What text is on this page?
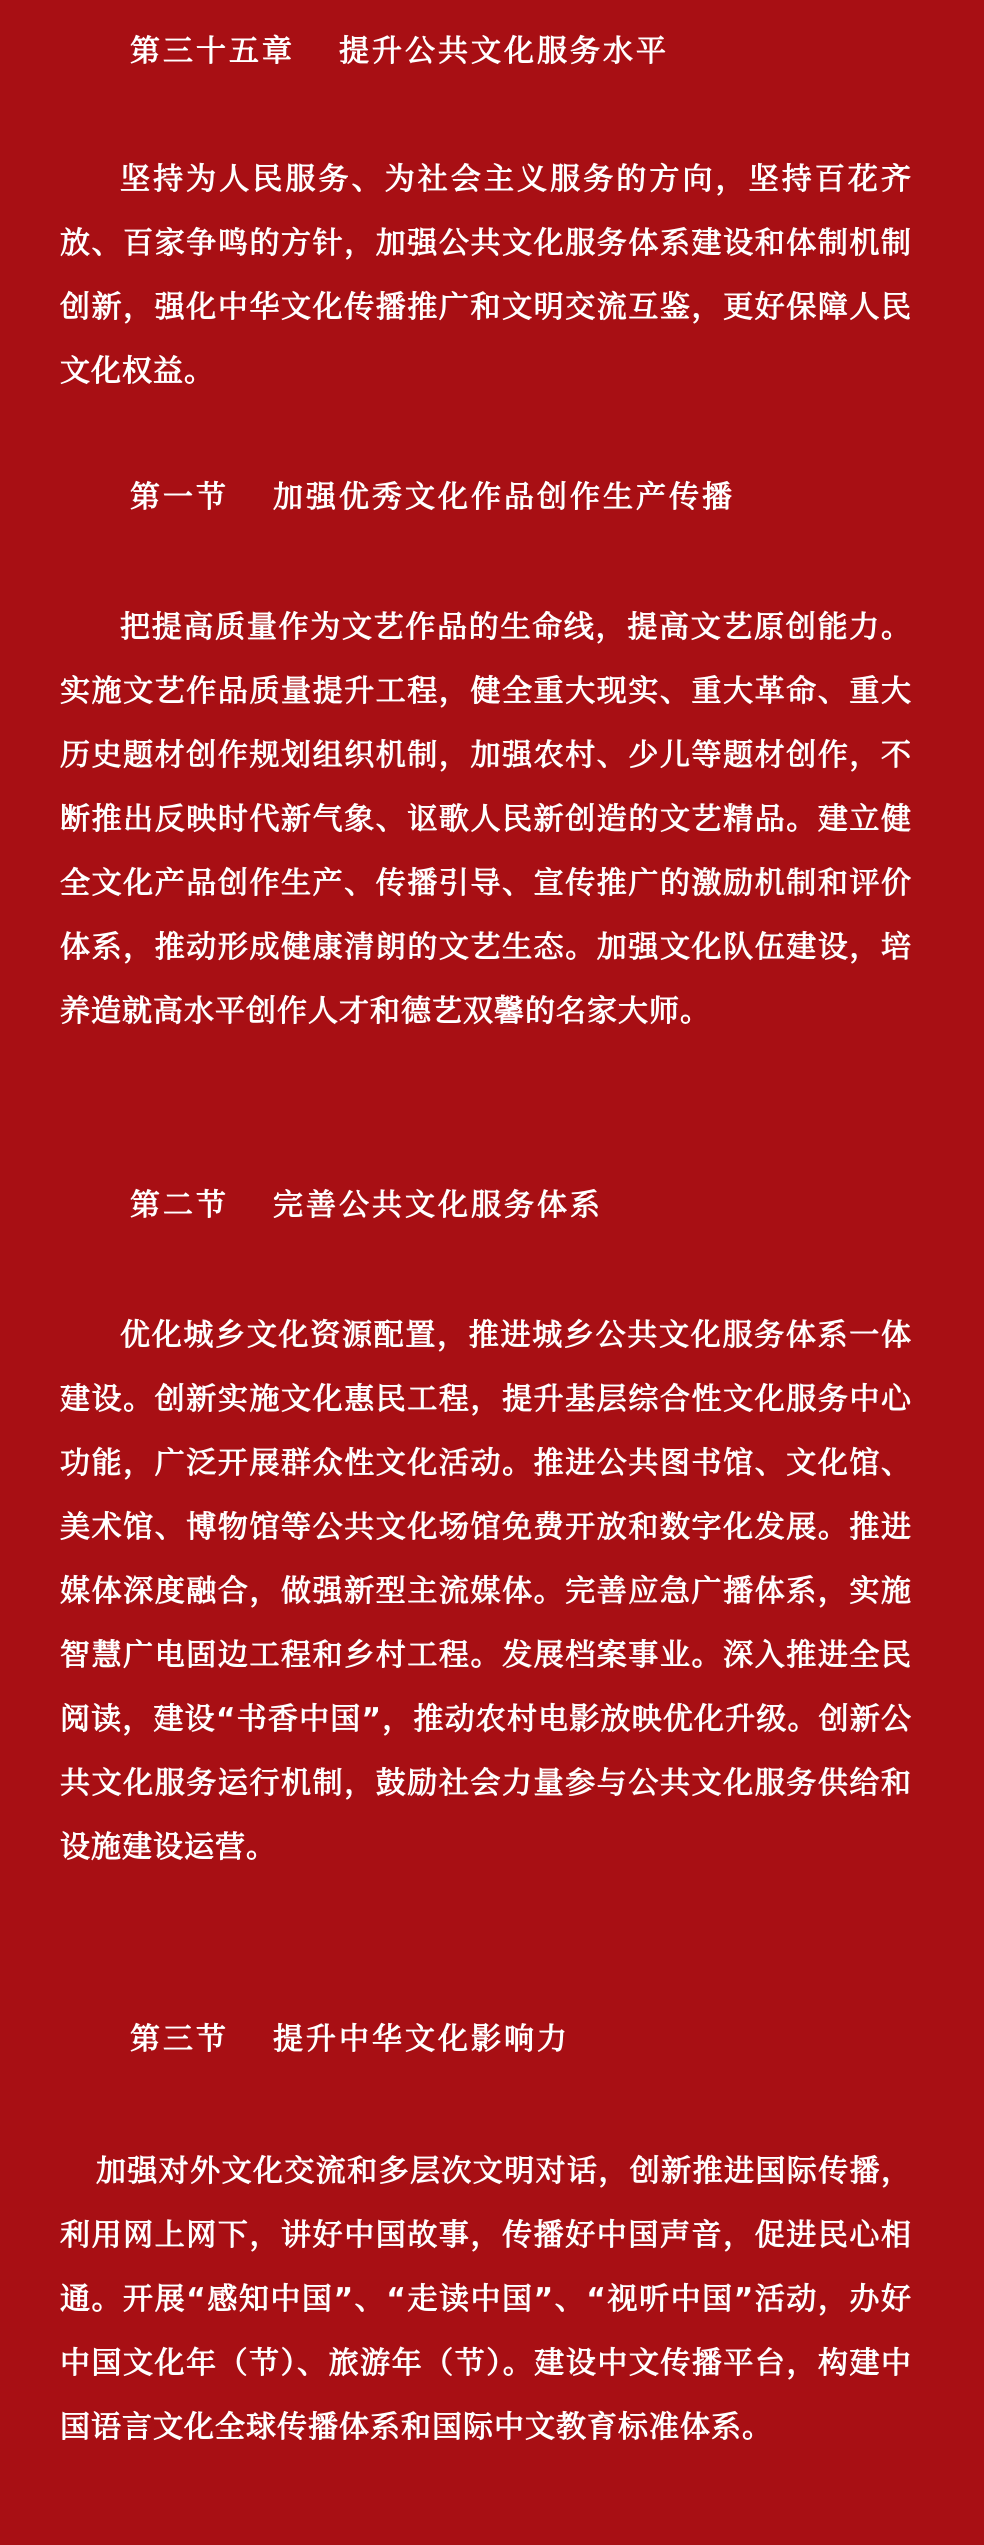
第三十五章 提升公共文化服务水平
坚持为人民服务、为社会主义服务的方向，坚持百花齐放、百家争鸣的方针，加强公共文化服务体系建设和体制机制创新，强化中华文化传播推广和文明交流互鉴，更好保障人民文化权益。
第一节 加强优秀文化作品创作生产传播
把提高质量作为文艺作品的生命线，提高文艺原创能力。实施文艺作品质量提升工程，健全重大现实、重大革命、重大历史题材创作规划组织机制，加强农村、少儿等题材创作，不断推出反映时代新气象、讴歌人民新创造的文艺精品。建立健全文化产品创作生产、传播引导、宣传推广的激励机制和评价体系，推动形成健康清朗的文艺生态。加强文化队伍建设，培养造就高水平创作人才和德艺双馨的名家大师。
第二节 完善公共文化服务体系
优化城乡文化资源配置，推进城乡公共文化服务体系一体建设。创新实施文化惠民工程，提升基层综合性文化服务中心功能，广泛开展群众性文化活动。推进公共图书馆、文化馆、美术馆、博物馆等公共文化场馆免费开放和数字化发展。推进媒体深度融合，做强新型主流媒体。完善应急广播体系，实施智慧广电固边工程和乡村工程。发展档案事业。深入推进全民阅读，建设“书香中国”，推动农村电影放映优化升级。创新公共文化服务运行机制，鼓励社会力量参与公共文化服务供给和设施建设运营。
第三节 提升中华文化影响力
加强对外文化交流和多层次文明对话，创新推进国际传播，利用网上网下，讲好中国故事，传播好中国声音，促进民心相通。开展“感知中国”、“走读中国”、“视听中国”活动，办好中国文化年（节）、旅游年（节）。建设中文传播平台，构建中国语言文化全球传播体系和国际中文教育标准体系。
